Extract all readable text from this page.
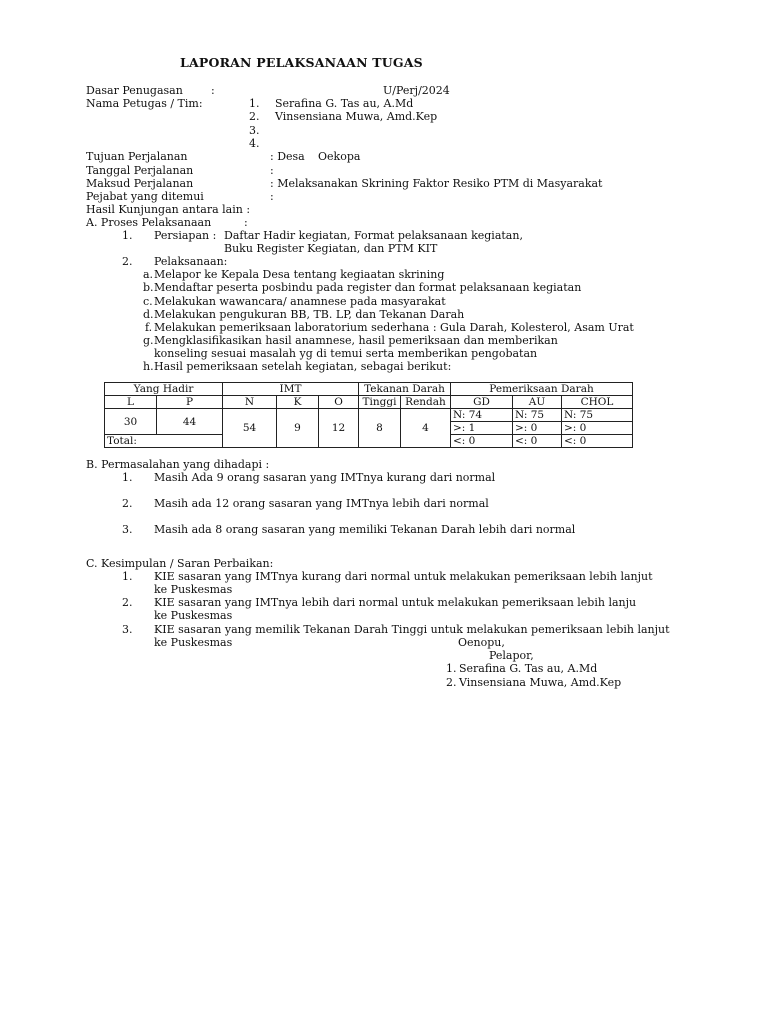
LAPORAN PELAKSANAAN TUGAS
Dasar Penugasan	:	U/Perj/2024
Nama Petugas / Tim:	1. Serafina G. Tas au, A.Md
2. Vinsensiana Muwa, Amd.Kep
3.
4.
Tujuan Perjalanan	: Desa Oekopa
Tanggal Perjalanan	:
Maksud Perjalanan	: Melaksanakan Skrining Faktor Resiko PTM di Masyarakat
Pejabat yang ditemui	:
Hasil Kunjungan antara lain :
A. Proses Pelaksanaan	:
1. Persiapan : Daftar Hadir kegiatan, Format pelaksanaan kegiatan,
Buku Register Kegiatan, dan PTM KIT
2. Pelaksanaan:
a. Melapor ke Kepala Desa tentang kegiaatan skrining
b. Mendaftar peserta posbindu pada register dan format pelaksanaan kegiatan
c. Melakukan wawancara/ anamnese pada masyarakat
d. Melakukan pengukuran BB, TB. LP, dan Tekanan Darah
f. Melakukan pemeriksaan laboratorium sederhana : Gula Darah, Kolesterol, Asam Urat
g. Mengklasifikasikan hasil anamnese, hasil pemeriksaan dan memberikan
konseling sesuai masalah yg di temui serta memberikan pengobatan
h. Hasil pemeriksaan setelah kegiatan, sebagai berikut:
Yang Hadir		IMT			Tekanan Darah		Pemeriksaan Darah		
L	P	N	K	O	Tinggi	Rendah	GD	AU	CHOL
30	44	54	9	12	8	4	N: 74	N: 75	N: 75
							>: 1	>: 0	>: 0
Total:							<: 0	<: 0	<: 0
B. Permasalahan yang dihadapi :
1. Masih Ada 9 orang sasaran yang IMTnya kurang dari normal
2. Masih ada 12 orang sasaran yang IMTnya lebih dari normal
3. Masih ada 8 orang sasaran yang memiliki Tekanan Darah lebih dari normal
C. Kesimpulan / Saran Perbaikan:
1. KIE sasaran yang IMTnya kurang dari normal untuk melakukan pemeriksaan lebih lanjut
ke Puskesmas
2. KIE sasaran yang IMTnya lebih dari normal untuk melakukan pemeriksaan lebih lanju
ke Puskesmas
3. KIE sasaran yang memilik Tekanan Darah Tinggi untuk melakukan pemeriksaan lebih lanjut
ke Puskesmas	Oenopu,
Pelapor,
1. Serafina G. Tas au, A.Md
2. Vinsensiana Muwa, Amd.Kep
